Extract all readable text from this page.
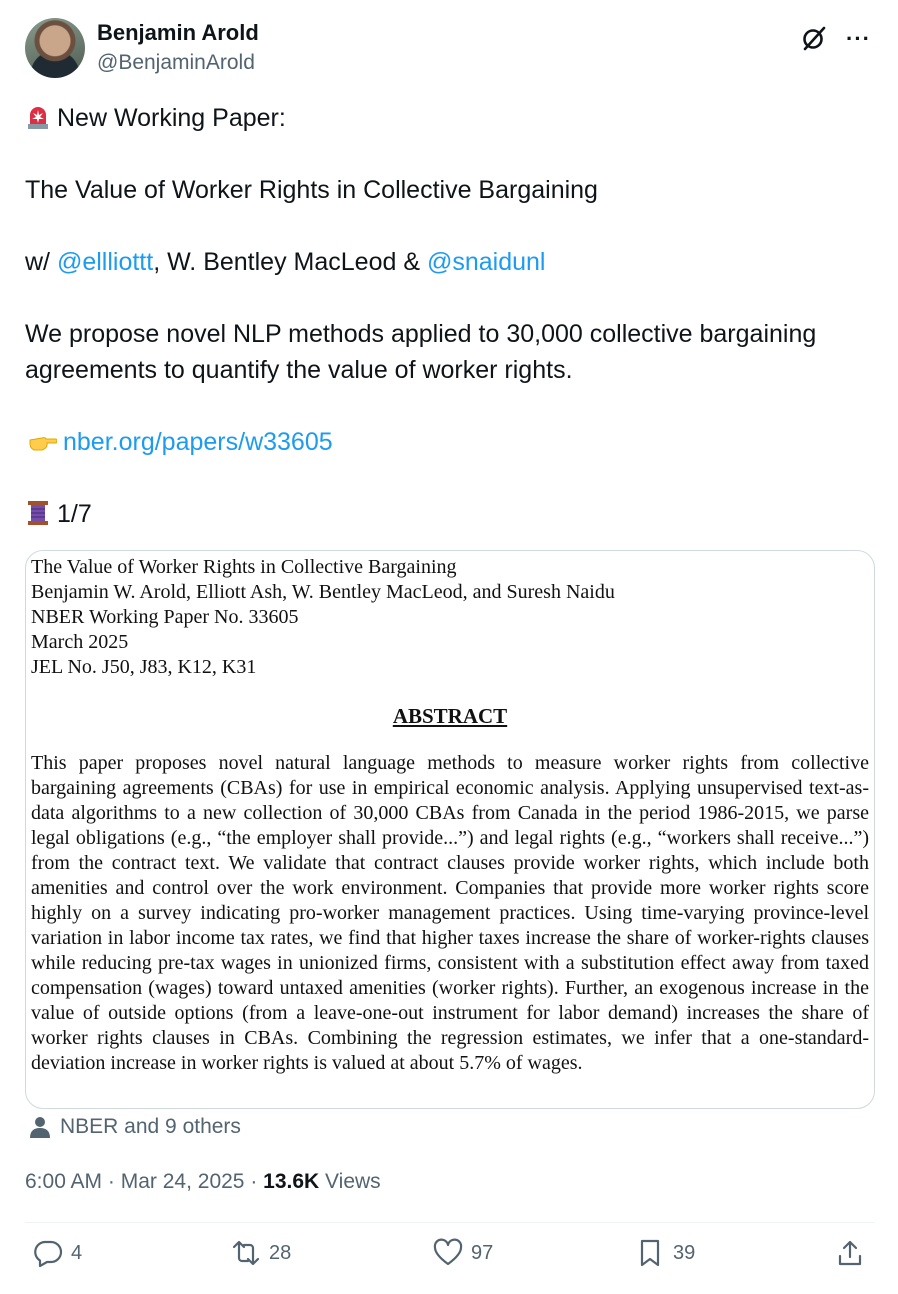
Benjamin Arold
@BenjaminArold
···

New Working Paper:

The Value of Worker Rights in Collective Bargaining

w/ @ellliottt, W. Bentley MacLeod & @snaidunl

We propose novel NLP methods applied to 30,000 collective bargaining agreements to quantify the value of worker rights.

nber.org/papers/w33605

1/7

The Value of Worker Rights in Collective Bargaining
Benjamin W. Arold, Elliott Ash, W. Bentley MacLeod, and Suresh Naidu
NBER Working Paper No. 33605
March 2025
JEL No. J50, J83, K12, K31
ABSTRACT
This paper proposes novel natural language methods to measure worker rights from collective bargaining agreements (CBAs) for use in empirical economic analysis. Applying unsupervised text-as-data algorithms to a new collection of 30,000 CBAs from Canada in the period 1986-2015, we parse legal obligations (e.g., “the employer shall provide...”) and legal rights (e.g., “workers shall receive...”) from the contract text. We validate that contract clauses provide worker rights, which include both amenities and control over the work environment. Companies that provide more worker rights score highly on a survey indicating pro-worker management practices. Using time-varying province-level variation in labor income tax rates, we find that higher taxes increase the share of worker-rights clauses while reducing pre-tax wages in unionized firms, consistent with a substitution effect away from taxed compensation (wages) toward untaxed amenities (worker rights). Further, an exogenous increase in the value of outside options (from a leave-one-out instrument for labor demand) increases the share of worker rights clauses in CBAs. Combining the regression estimates, we infer that a one-standard-deviation increase in worker rights is valued at about 5.7% of wages.
NBER and 9 others
6:00 AM · Mar 24, 2025 · 13.6K Views
4	28	97	39
